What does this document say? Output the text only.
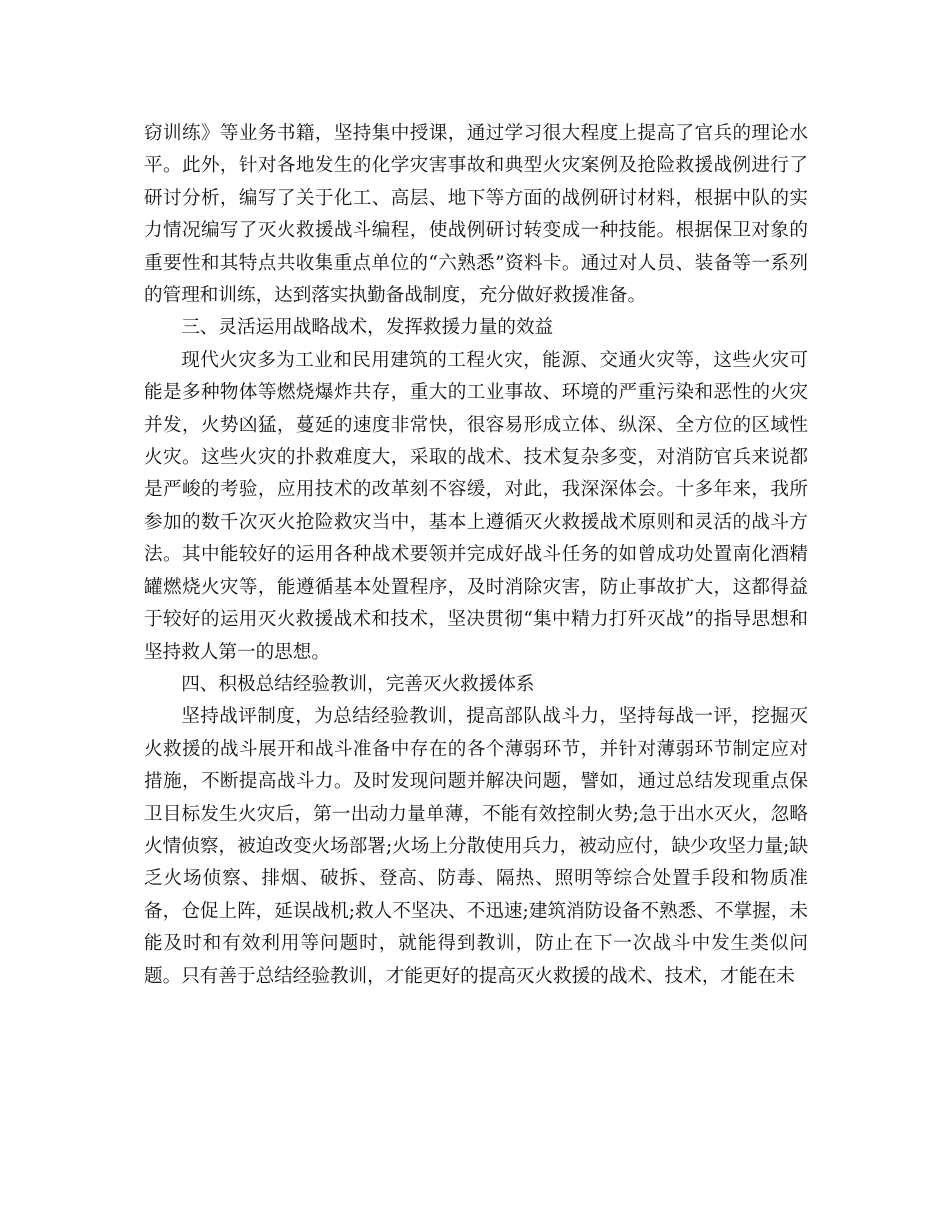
窃训练》等业务书籍，坚持集中授课，通过学习很大程度上提高了官兵的理论水平。此外，针对各地发生的化学灾害事故和典型火灾案例及抢险救援战例进行了研讨分析，编写了关于化工、高层、地下等方面的战例研讨材料，根据中队的实力情况编写了灭火救援战斗编程，使战例研讨转变成一种技能。根据保卫对象的重要性和其特点共收集重点单位的“六熟悉”资料卡。通过对人员、装备等一系列的管理和训练，达到落实执勤备战制度，充分做好救援准备。

三、灵活运用战略战术，发挥救援力量的效益

现代火灾多为工业和民用建筑的工程火灾，能源、交通火灾等，这些火灾可能是多种物体等燃烧爆炸共存，重大的工业事故、环境的严重污染和恶性的火灾并发，火势凶猛，蔓延的速度非常快，很容易形成立体、纵深、全方位的区域性火灾。这些火灾的扑救难度大，采取的战术、技术复杂多变，对消防官兵来说都是严峻的考验，应用技术的改革刻不容缓，对此，我深深体会。十多年来，我所参加的数千次灭火抢险救灾当中，基本上遵循灭火救援战术原则和灵活的战斗方法。其中能较好的运用各种战术要领并完成好战斗任务的如曾成功处置南化酒精罐燃烧火灾等，能遵循基本处置程序，及时消除灾害，防止事故扩大，这都得益于较好的运用灭火救援战术和技术，坚决贯彻“集中精力打歼灭战”的指导思想和坚持救人第一的思想。

四、积极总结经验教训，完善灭火救援体系

坚持战评制度，为总结经验教训，提高部队战斗力，坚持每战一评，挖掘灭火救援的战斗展开和战斗准备中存在的各个薄弱环节，并针对薄弱环节制定应对措施，不断提高战斗力。及时发现问题并解决问题，譬如，通过总结发现重点保卫目标发生火灾后，第一出动力量单薄，不能有效控制火势;急于出水灭火，忽略火情侦察，被迫改变火场部署;火场上分散使用兵力，被动应付，缺少攻坚力量;缺乏火场侦察、排烟、破拆、登高、防毒、隔热、照明等综合处置手段和物质准备，仓促上阵，延误战机;救人不坚决、不迅速;建筑消防设备不熟悉、不掌握，未能及时和有效利用等问题时，就能得到教训，防止在下一次战斗中发生类似问题。只有善于总结经验教训，才能更好的提高灭火救援的战术、技术，才能在未
